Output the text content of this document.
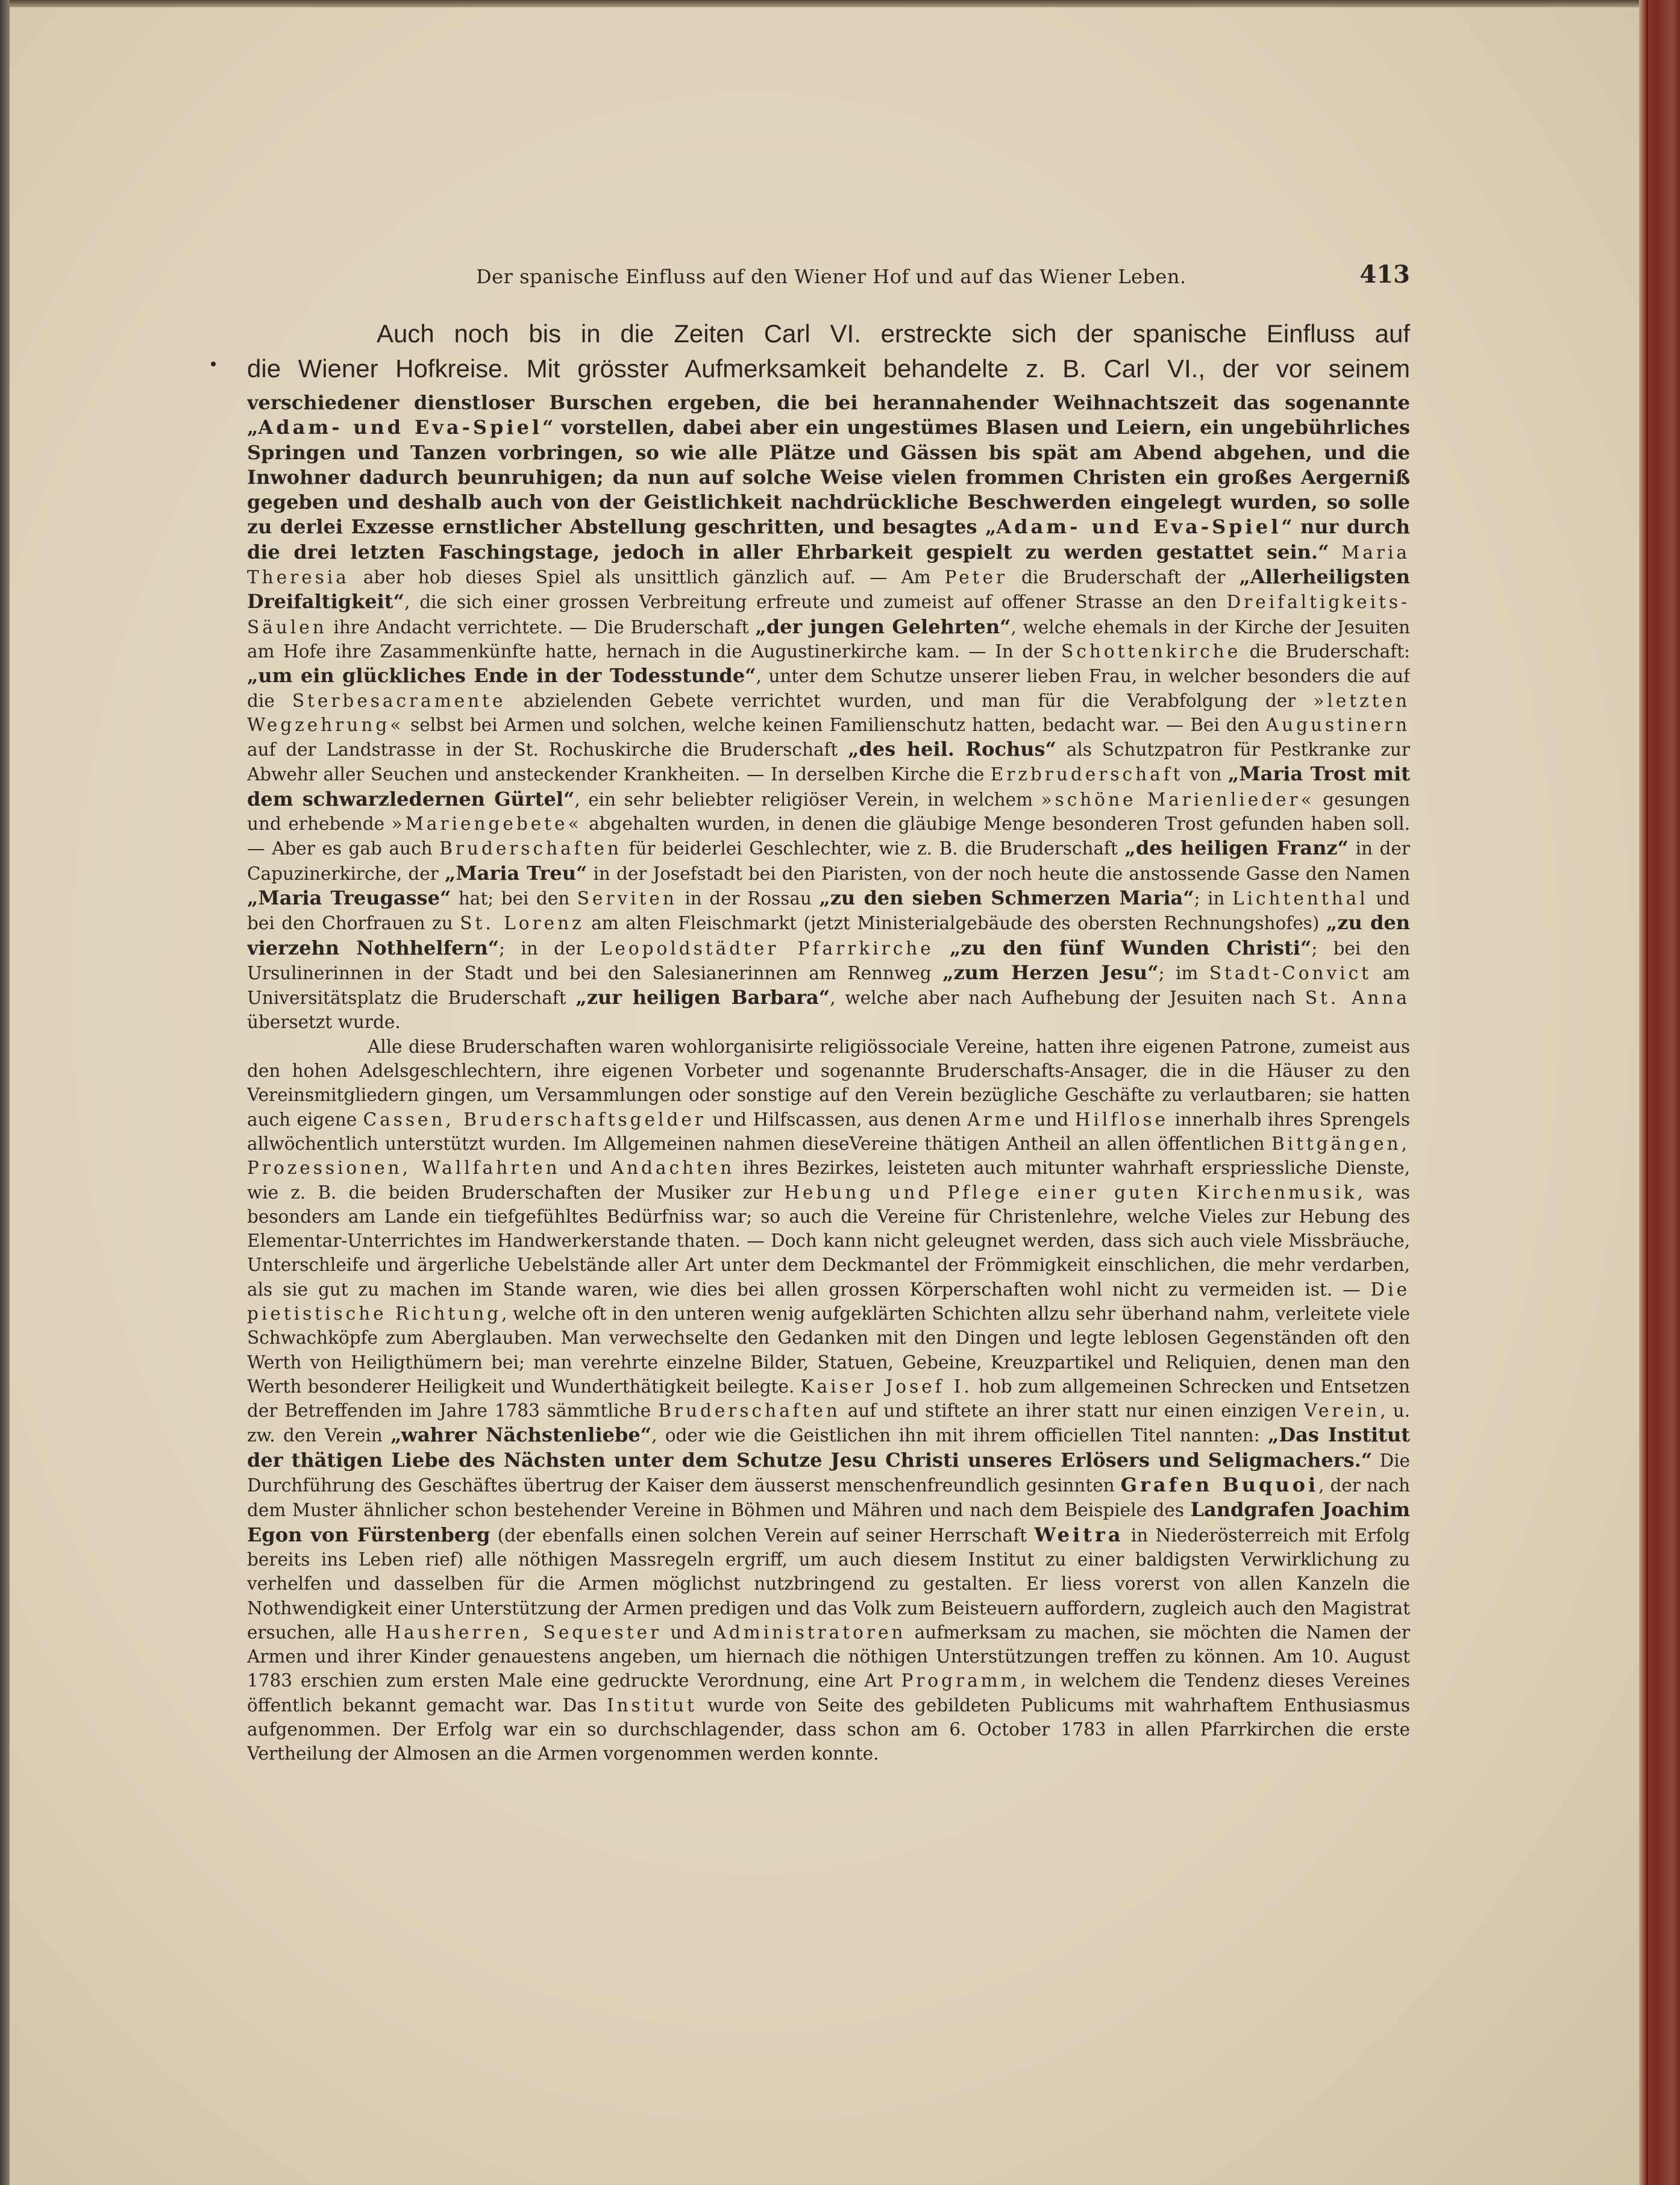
Der spanische Einfluss auf den Wiener Hof und auf das Wiener Leben.	413

Auch noch bis in die Zeiten Carl VI. erstreckte sich der spanische Einfluss auf

die Wiener Hofkreise. Mit grösster Aufmerksamkeit behandelte z. B. Carl VI., der vor seinem

verschiedener dienstloser Burschen ergeben, die bei herannahender Weihnachtszeit das sogenannte „Adam- und Eva-Spiel“ vorstellen, dabei aber ein ungestümes Blasen und Leiern, ein ungebührliches Springen und Tanzen vorbringen, so wie alle Plätze und Gässen bis spät am Abend abgehen, und die Inwohner dadurch beunruhigen; da nun auf solche Weise vielen frommen Christen ein großes Aergerniß gegeben und deshalb auch von der Geistlichkeit nachdrückliche Beschwerden eingelegt wurden, so solle zu derlei Exzesse ernstlicher Abstellung geschritten, und besagtes „Adam- und Eva-Spiel“ nur durch die drei letzten Faschingstage, jedoch in aller Ehrbarkeit gespielt zu werden gestattet sein.“ Maria Theresia aber hob dieses Spiel als unsittlich gänzlich auf. — Am Peter die Bruderschaft der „Allerheiligsten Dreifaltigkeit“, die sich einer grossen Verbreitung erfreute und zumeist auf offener Strasse an den Dreifaltigkeits-Säulen ihre Andacht verrichtete. — Die Bruderschaft „der jungen Gelehrten“, welche ehemals in der Kirche der Jesuiten am Hofe ihre Zasammenkünfte hatte, hernach in die Augustinerkirche kam. — In der Schottenkirche die Bruderschaft: „um ein glückliches Ende in der Todesstunde“, unter dem Schutze unserer lieben Frau, in welcher besonders die auf die Sterbesacramente abzielenden Gebete verrichtet wurden, und man für die Verabfolgung der »letzten Wegzehrung« selbst bei Armen und solchen, welche keinen Familienschutz hatten, bedacht war. — Bei den Augustinern auf der Landstrasse in der St. Rochuskirche die Bruderschaft „des heil. Rochus“ als Schutzpatron für Pestkranke zur Abwehr aller Seuchen und ansteckender Krankheiten. — In derselben Kirche die Erzbruderschaft von „Maria Trost mit dem schwarzledernen Gürtel“, ein sehr beliebter religiöser Verein, in welchem »schöne Marienlieder« gesungen und erhebende »Mariengebete« abgehalten wurden, in denen die gläubige Menge besonderen Trost gefunden haben soll. — Aber es gab auch Bruderschaften für beiderlei Geschlechter, wie z. B. die Bruderschaft „des heiligen Franz“ in der Capuzinerkirche, der „Maria Treu“ in der Josefstadt bei den Piaristen, von der noch heute die anstossende Gasse den Namen „Maria Treugasse“ hat; bei den Serviten in der Rossau „zu den sieben Schmerzen Maria“; in Lichtenthal und bei den Chorfrauen zu St. Lorenz am alten Fleischmarkt (jetzt Ministerialgebäude des obersten Rechnungshofes) „zu den vierzehn Nothhelfern“; in der Leopoldstädter Pfarrkirche „zu den fünf Wunden Christi“; bei den Ursulinerinnen in der Stadt und bei den Salesianerinnen am Rennweg „zum Herzen Jesu“; im Stadt-Convict am Universitätsplatz die Bruderschaft „zur heiligen Barbara“, welche aber nach Aufhebung der Jesuiten nach St. Anna übersetzt wurde.

Alle diese Bruderschaften waren wohlorganisirte religiössociale Vereine, hatten ihre eigenen Patrone, zumeist aus den hohen Adelsgeschlechtern, ihre eigenen Vorbeter und sogenannte Bruderschafts-Ansager, die in die Häuser zu den Vereinsmitgliedern gingen, um Versammlungen oder sonstige auf den Verein bezügliche Geschäfte zu verlautbaren; sie hatten auch eigene Cassen, Bruderschaftsgelder und Hilfscassen, aus denen Arme und Hilflose innerhalb ihres Sprengels allwöchentlich unterstützt wurden. Im Allgemeinen nahmen dieseVereine thätigen Antheil an allen öffentlichen Bittgängen, Prozessionen, Wallfahrten und Andachten ihres Bezirkes, leisteten auch mitunter wahrhaft erspriessliche Dienste, wie z. B. die beiden Bruderschaften der Musiker zur Hebung und Pflege einer guten Kirchenmusik, was besonders am Lande ein tiefgefühltes Bedürfniss war; so auch die Vereine für Christenlehre, welche Vieles zur Hebung des Elementar-Unterrichtes im Handwerkerstande thaten. — Doch kann nicht geleugnet werden, dass sich auch viele Missbräuche, Unterschleife und ärgerliche Uebelstände aller Art unter dem Deckmantel der Frömmigkeit einschlichen, die mehr verdarben, als sie gut zu machen im Stande waren, wie dies bei allen grossen Körperschaften wohl nicht zu vermeiden ist. — Die pietistische Richtung, welche oft in den unteren wenig aufgeklärten Schichten allzu sehr überhand nahm, verleitete viele Schwachköpfe zum Aberglauben. Man verwechselte den Gedanken mit den Dingen und legte leblosen Gegenständen oft den Werth von Heiligthümern bei; man verehrte einzelne Bilder, Statuen, Gebeine, Kreuzpartikel und Reliquien, denen man den Werth besonderer Heiligkeit und Wunderthätigkeit beilegte. Kaiser Josef I. hob zum allgemeinen Schrecken und Entsetzen der Betreffenden im Jahre 1783 sämmtliche Bruderschaften auf und stiftete an ihrer statt nur einen einzigen Verein, u. zw. den Verein „wahrer Nächstenliebe“, oder wie die Geistlichen ihn mit ihrem officiellen Titel nannten: „Das Institut der thätigen Liebe des Nächsten unter dem Schutze Jesu Christi unseres Erlösers und Seligmachers.“ Die Durchführung des Geschäftes übertrug der Kaiser dem äusserst menschenfreundlich gesinnten Grafen Buquoi, der nach dem Muster ähnlicher schon bestehender Vereine in Böhmen und Mähren und nach dem Beispiele des Landgrafen Joachim Egon von Fürstenberg (der ebenfalls einen solchen Verein auf seiner Herrschaft Weitra in Niederösterreich mit Erfolg bereits ins Leben rief) alle nöthigen Massregeln ergriff, um auch diesem Institut zu einer baldigsten Verwirklichung zu verhelfen und dasselben für die Armen möglichst nutzbringend zu gestalten. Er liess vorerst von allen Kanzeln die Nothwendigkeit einer Unterstützung der Armen predigen und das Volk zum Beisteuern auffordern, zugleich auch den Magistrat ersuchen, alle Hausherren, Sequester und Administratoren aufmerksam zu machen, sie möchten die Namen der Armen und ihrer Kinder genauestens angeben, um hiernach die nöthigen Unterstützungen treffen zu können. Am 10. August 1783 erschien zum ersten Male eine gedruckte Verordnung, eine Art Programm, in welchem die Tendenz dieses Vereines öffentlich bekannt gemacht war. Das Institut wurde von Seite des gebildeten Publicums mit wahrhaftem Enthusiasmus aufgenommen. Der Erfolg war ein so durchschlagender, dass schon am 6. October 1783 in allen Pfarrkirchen die erste Vertheilung der Almosen an die Armen vorgenommen werden konnte.
